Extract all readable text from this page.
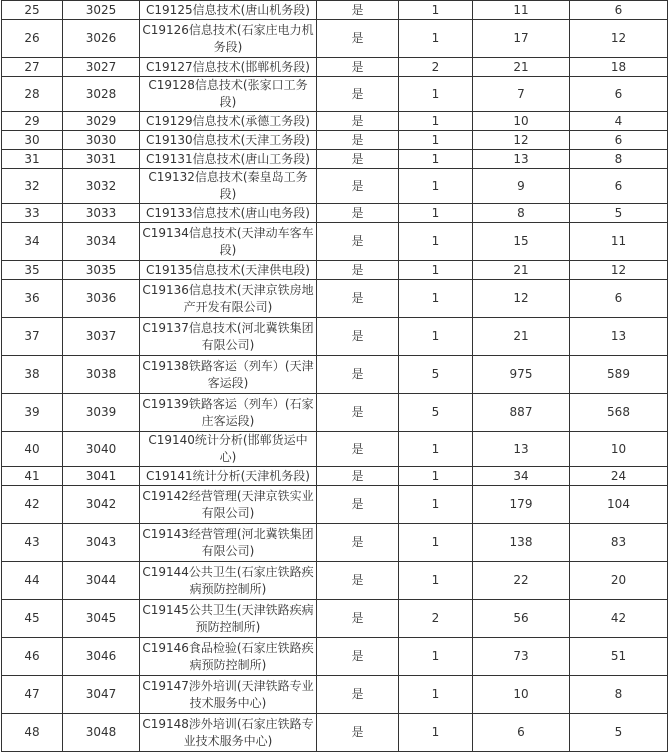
25	3025	C19125信息技术(唐山机务段)	是	1	11	6
26	3026	C19126信息技术(石家庄电力机务段)	是	1	17	12
27	3027	C19127信息技术(邯郸机务段)	是	2	21	18
28	3028	C19128信息技术(张家口工务段)	是	1	7	6
29	3029	C19129信息技术(承德工务段)	是	1	10	4
30	3030	C19130信息技术(天津工务段)	是	1	12	6
31	3031	C19131信息技术(唐山工务段)	是	1	13	8
32	3032	C19132信息技术(秦皇岛工务段)	是	1	9	6
33	3033	C19133信息技术(唐山电务段)	是	1	8	5
34	3034	C19134信息技术(天津动车客车段)	是	1	15	11
35	3035	C19135信息技术(天津供电段)	是	1	21	12
36	3036	C19136信息技术(天津京铁房地产开发有限公司)	是	1	12	6
37	3037	C19137信息技术(河北冀铁集团有限公司)	是	1	21	13
38	3038	C19138铁路客运（列车）(天津客运段)	是	5	975	589
39	3039	C19139铁路客运（列车）(石家庄客运段)	是	5	887	568
40	3040	C19140统计分析(邯郸货运中心)	是	1	13	10
41	3041	C19141统计分析(天津机务段)	是	1	34	24
42	3042	C19142经营管理(天津京铁实业有限公司)	是	1	179	104
43	3043	C19143经营管理(河北冀铁集团有限公司)	是	1	138	83
44	3044	C19144公共卫生(石家庄铁路疾病预防控制所)	是	1	22	20
45	3045	C19145公共卫生(天津铁路疾病预防控制所)	是	2	56	42
46	3046	C19146食品检验(石家庄铁路疾病预防控制所)	是	1	73	51
47	3047	C19147涉外培训(天津铁路专业技术服务中心)	是	1	10	8
48	3048	C19148涉外培训(石家庄铁路专业技术服务中心)	是	1	6	5
